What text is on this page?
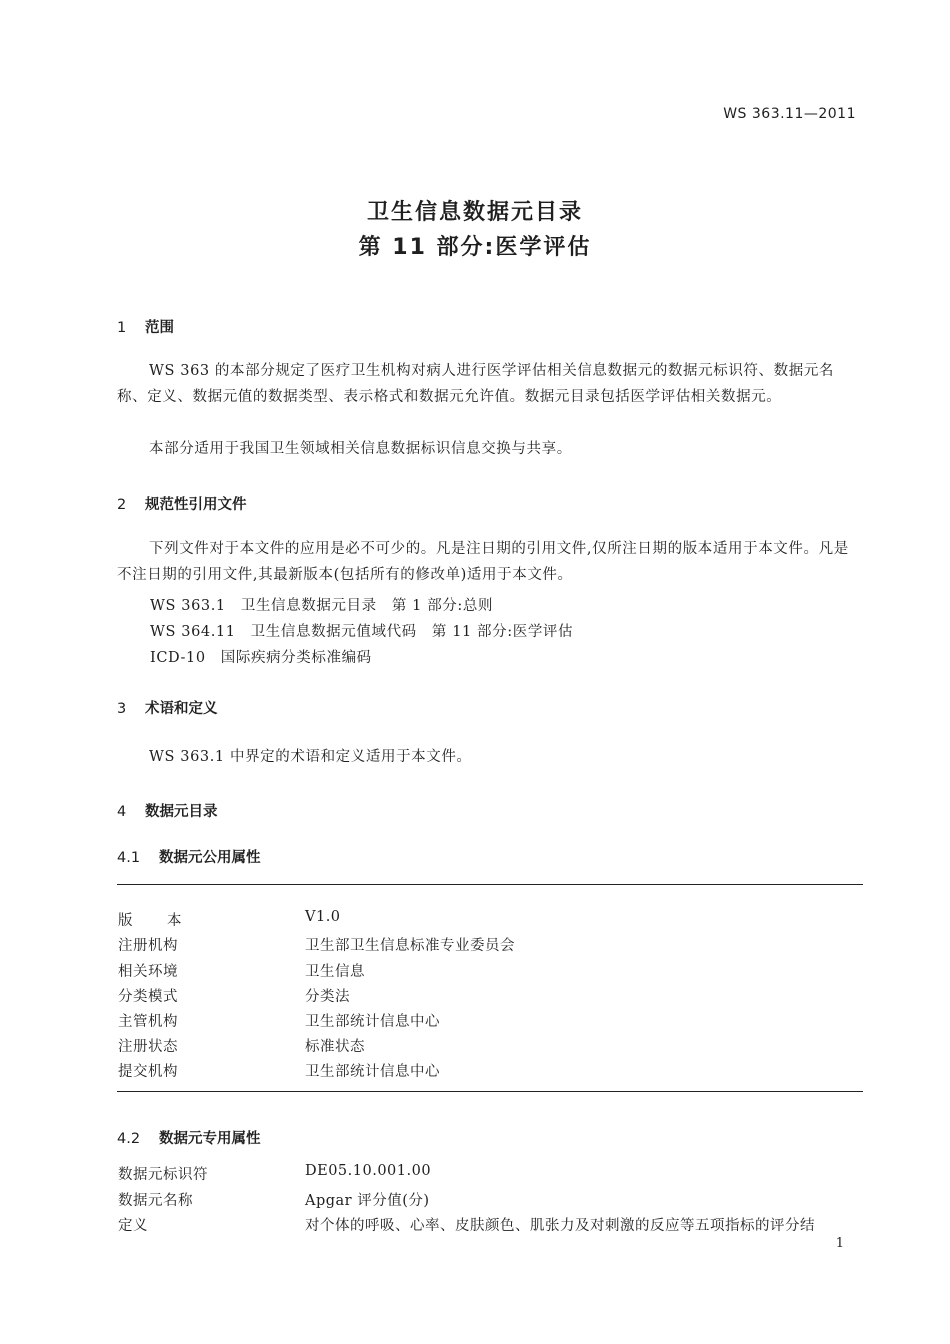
WS 363.11—2011
卫生信息数据元目录
第 11 部分:医学评估
1 范围
WS 363 的本部分规定了医疗卫生机构对病人进行医学评估相关信息数据元的数据元标识符、数据元名称、定义、数据元值的数据类型、表示格式和数据元允许值。数据元目录包括医学评估相关数据元。
本部分适用于我国卫生领域相关信息数据标识信息交换与共享。
2 规范性引用文件
下列文件对于本文件的应用是必不可少的。凡是注日期的引用文件,仅所注日期的版本适用于本文件。凡是不注日期的引用文件,其最新版本(包括所有的修改单)适用于本文件。
WS 363.1　卫生信息数据元目录　第 1 部分:总则
WS 364.11　卫生信息数据元值域代码　第 11 部分:医学评估
ICD-10　国际疾病分类标准编码
3 术语和定义
WS 363.1 中界定的术语和定义适用于本文件。
4 数据元目录
4.1 数据元公用属性
版本	V1.0
注册机构	卫生部卫生信息标准专业委员会
相关环境	卫生信息
分类模式	分类法
主管机构	卫生部统计信息中心
注册状态	标准状态
提交机构	卫生部统计信息中心
4.2 数据元专用属性
数据元标识符	DE05.10.001.00
数据元名称	Apgar 评分值(分)
定义	对个体的呼吸、心率、皮肤颜色、肌张力及对刺激的反应等五项指标的评分结
1
